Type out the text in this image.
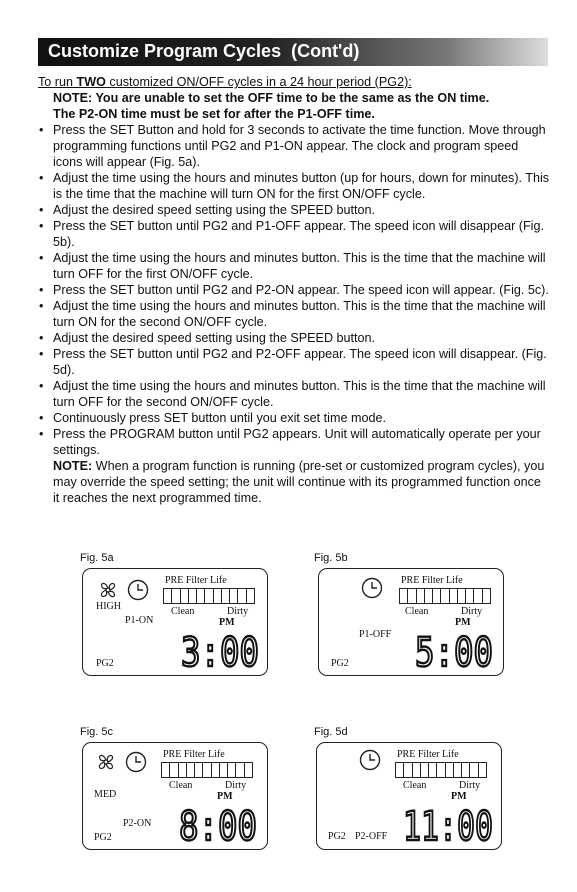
Customize Program Cycles  (Cont'd)
To run TWO customized ON/OFF cycles in a 24 hour period (PG2):
NOTE: You are unable to set the OFF time to be the same as the ON time.
The P2-ON time must be set for after the P1-OFF time.
• Press the SET Button and hold for 3 seconds to activate the time function. Move through programming functions until PG2 and P1-ON appear. The clock and program speed icons will appear (Fig. 5a).
• Adjust the time using the hours and minutes button (up for hours, down for minutes). This is the time that the machine will turn ON for the first ON/OFF cycle.
• Adjust the desired speed setting using the SPEED button.
• Press the SET button until PG2 and P1-OFF appear. The speed icon will disappear (Fig. 5b).
• Adjust the time using the hours and minutes button. This is the time that the machine will turn OFF for the first ON/OFF cycle.
• Press the SET button until PG2 and P2-ON appear. The speed icon will appear. (Fig. 5c).
• Adjust the time using the hours and minutes button. This is the time that the machine will turn ON for the second ON/OFF cycle.
• Adjust the desired speed setting using the SPEED button.
• Press the SET button until PG2 and P2-OFF appear. The speed icon will disappear. (Fig. 5d).
• Adjust the time using the hours and minutes button. This is the time that the machine will turn OFF for the second ON/OFF cycle.
• Continuously press SET button until you exit set time mode.
• Press the PROGRAM button until PG2 appears. Unit will automatically operate per your settings.
NOTE: When a program function is running (pre-set or customized program cycles), you may override the speed setting; the unit will continue with its programmed function once it reaches the next programmed time.
Fig. 5a
PRE Filter Life
Clean	Dirty
PM
HIGH
P1-ON
PG2 3:00
Fig. 5b
PRE Filter Life
Clean	Dirty
PM
P1-OFF
PG2 5:00
Fig. 5c
PRE Filter Life
Clean	Dirty
PM
MED
P2-ON
PG2 8:00
Fig. 5d
PRE Filter Life
Clean	Dirty
PM
PG2 P2-OFF 11:00
